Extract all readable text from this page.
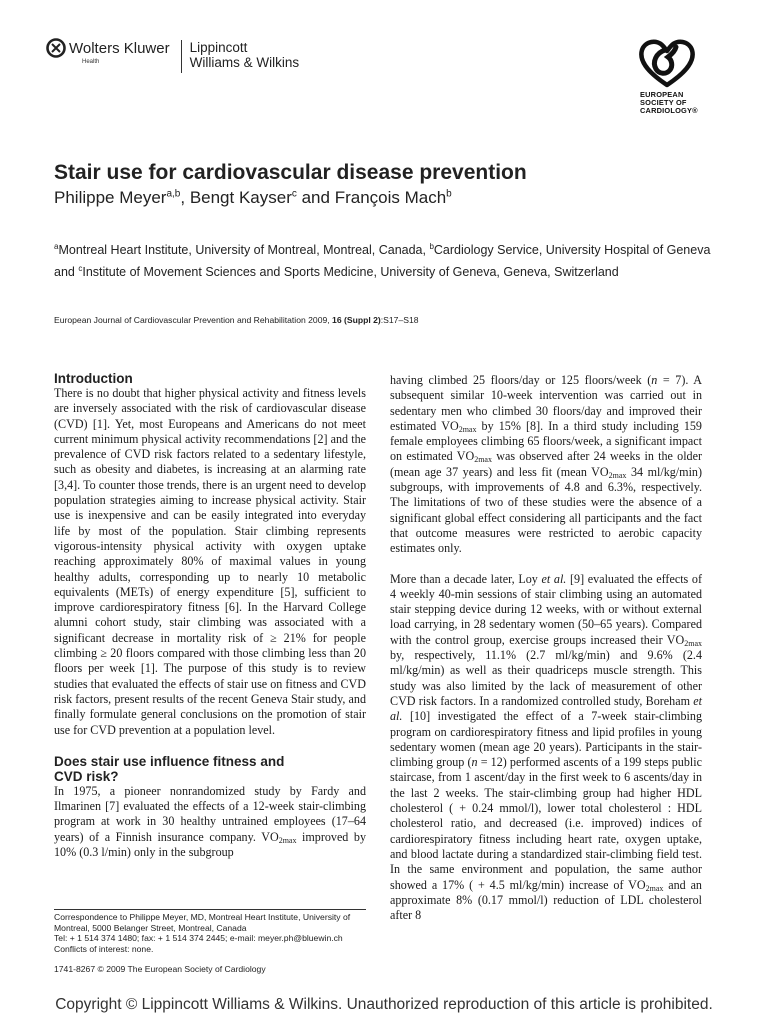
Wolters Kluwer
Health
Lippincott
Williams & Wilkins
EUROPEAN
SOCIETY OF
CARDIOLOGY®
Stair use for cardiovascular disease prevention
Philippe Meyer$^{a,b}$, Bengt Kayser$^c$ and François Mach$^b$
$^a$Montreal Heart Institute, University of Montreal, Montreal, Canada, $^b$Cardiology Service, University Hospital of Geneva and $^c$Institute of Movement Sciences and Sports Medicine, University of Geneva, Geneva, Switzerland
European Journal of Cardiovascular Prevention and Rehabilitation 2009, 16 (Suppl 2):S17–S18
Introduction

There is no doubt that higher physical activity and fitness levels are inversely associated with the risk of cardiovascular disease (CVD) [1]. Yet, most Europeans and Americans do not meet current minimum physical activity recommendations [2] and the prevalence of CVD risk factors related to a sedentary lifestyle, such as obesity and diabetes, is increasing at an alarming rate [3,4]. To counter those trends, there is an urgent need to develop population strategies aiming to increase physical activity. Stair use is inexpensive and can be easily integrated into everyday life by most of the population. Stair climbing represents vigorous-intensity physical activity with oxygen uptake reaching approximately 80% of maximal values in young healthy adults, corresponding up to nearly 10 metabolic equivalents (METs) of energy expenditure [5], sufficient to improve cardiorespiratory fitness [6]. In the Harvard College alumni cohort study, stair climbing was associated with a significant decrease in mortality risk of ≥ 21% for people climbing ≥ 20 floors compared with those climbing less than 20 floors per week [1]. The purpose of this study is to review studies that evaluated the effects of stair use on fitness and CVD risk factors, present results of the recent Geneva Stair study, and finally formulate general conclusions on the promotion of stair use for CVD prevention at a population level.

Does stair use influence fitness and
CVD risk?

In 1975, a pioneer nonrandomized study by Fardy and Ilmarinen [7] evaluated the effects of a 12-week stair-climbing program at work in 30 healthy untrained employees (17–64 years) of a Finnish insurance company. $VO_{2max}$ improved by 10% (0.3 l/min) only in the subgroup

having climbed 25 floors/day or 125 floors/week (n = 7). A subsequent similar 10-week intervention was carried out in sedentary men who climbed 30 floors/day and improved their estimated $VO_{2max}$ by 15% [8]. In a third study including 159 female employees climbing 65 floors/week, a significant impact on estimated $VO_{2max}$ was observed after 24 weeks in the older (mean age 37 years) and less fit (mean $VO_{2max}$ 34 ml/kg/min) subgroups, with improvements of 4.8 and 6.3%, respectively. The limitations of two of these studies were the absence of a significant global effect considering all participants and the fact that outcome measures were restricted to aerobic capacity estimates only.

More than a decade later, Loy et al. [9] evaluated the effects of 4 weekly 40-min sessions of stair climbing using an automated stair stepping device during 12 weeks, with or without external load carrying, in 28 sedentary women (50–65 years). Compared with the control group, exercise groups increased their $VO_{2max}$ by, respectively, 11.1% (2.7 ml/kg/min) and 9.6% (2.4 ml/kg/min) as well as their quadriceps muscle strength. This study was also limited by the lack of measurement of other CVD risk factors. In a randomized controlled study, Boreham et al. [10] investigated the effect of a 7-week stair-climbing program on cardiorespiratory fitness and lipid profiles in young sedentary women (mean age 20 years). Participants in the stair-climbing group (n = 12) performed ascents of a 199 steps public staircase, from 1 ascent/day in the first week to 6 ascents/day in the last 2 weeks. The stair-climbing group had higher HDL cholesterol ( + 0.24 mmol/l), lower total cholesterol : HDL cholesterol ratio, and decreased (i.e. improved) indices of cardiorespiratory fitness including heart rate, oxygen uptake, and blood lactate during a standardized stair-climbing field test. In the same environment and population, the same author showed a 17% ( + 4.5 ml/kg/min) increase of $VO_{2max}$ and an approximate 8% (0.17 mmol/l) reduction of LDL cholesterol after 8

Correspondence to Philippe Meyer, MD, Montreal Heart Institute, University of Montreal, 5000 Belanger Street, Montreal, Canada
Tel: + 1 514 374 1480; fax: + 1 514 374 2445; e-mail: meyer.ph@bluewin.ch
Conflicts of interest: none.
1741-8267 © 2009 The European Society of Cardiology
Copyright © Lippincott Williams & Wilkins. Unauthorized reproduction of this article is prohibited.
